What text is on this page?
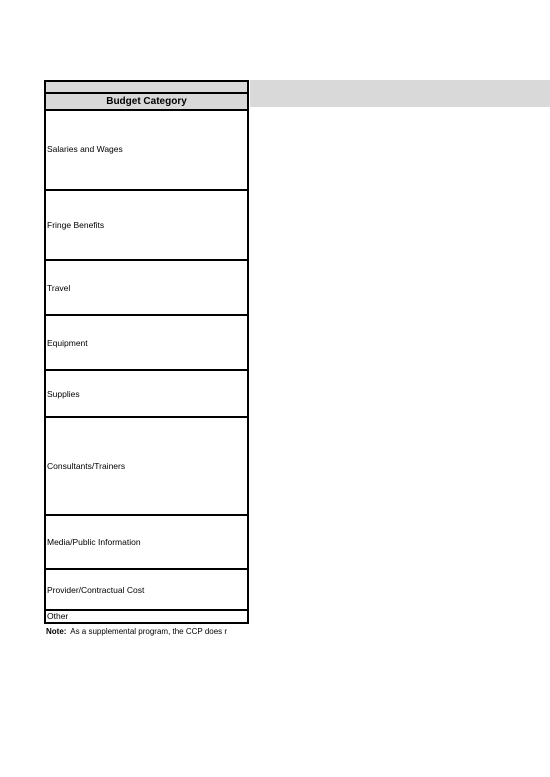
Budget Category
Salaries and Wages
Fringe Benefits
Travel
Equipment
Supplies
Consultants/Trainers
Media/Public Information
Provider/Contractual Cost
Other
Note: As a supplemental program, the CCP does r
